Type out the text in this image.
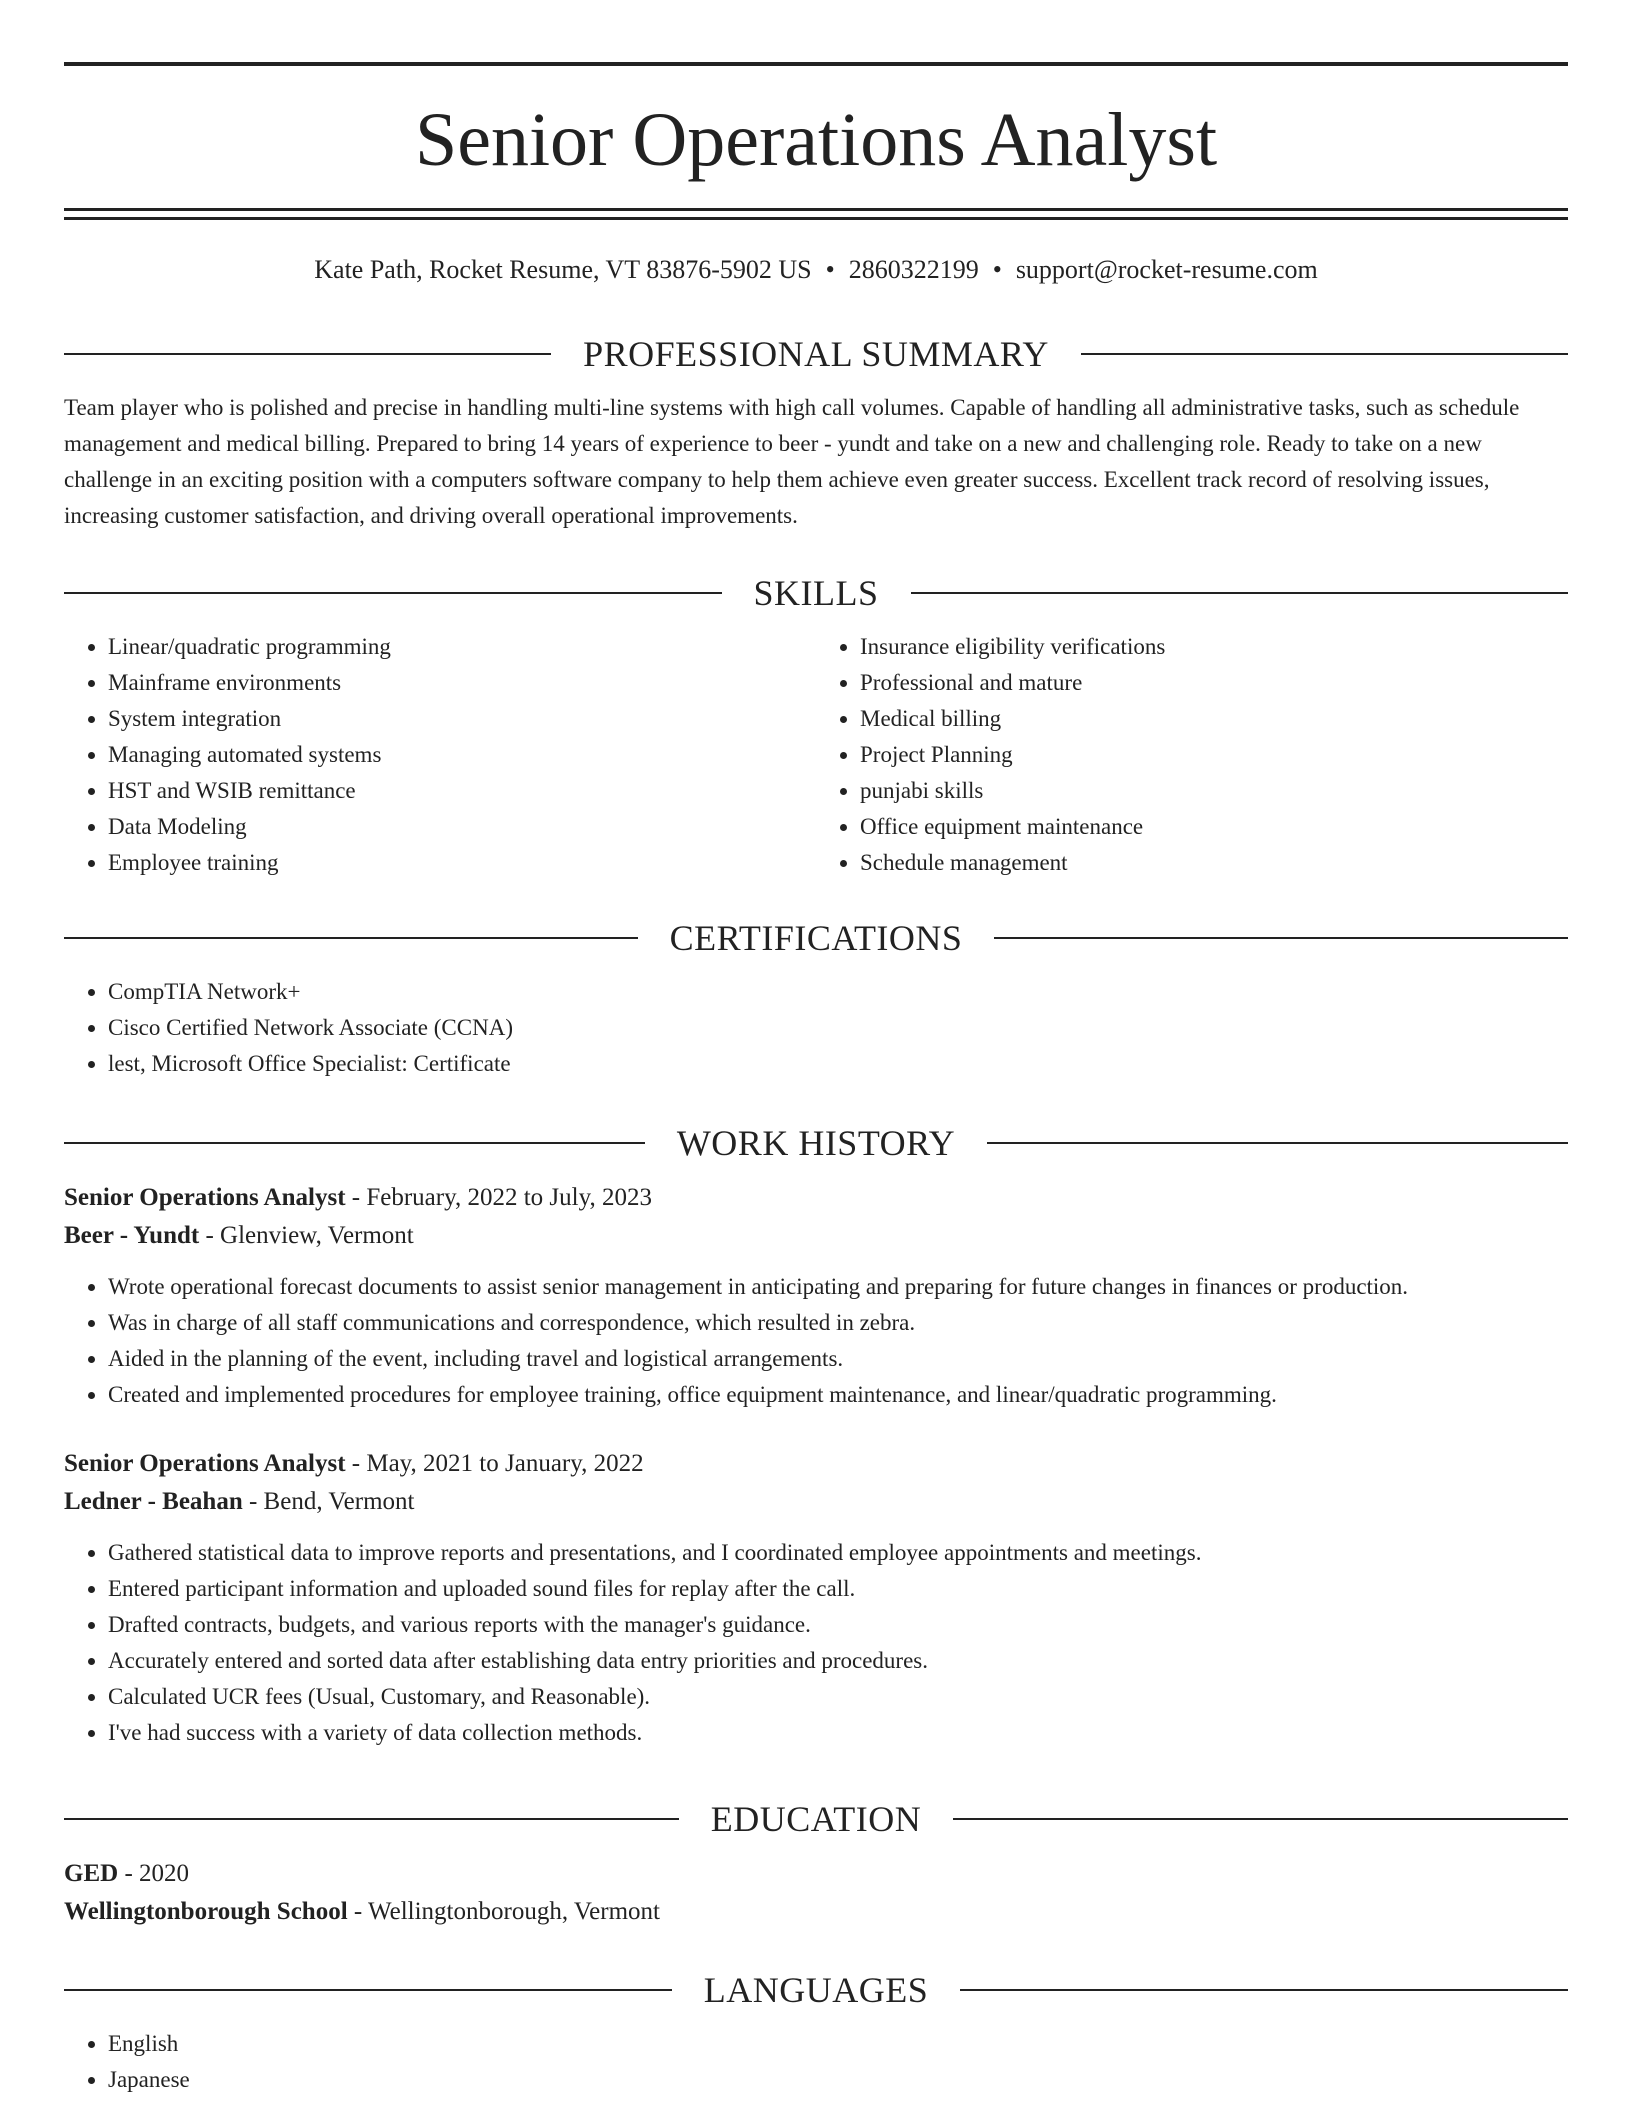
Senior Operations Analyst
Kate Path, Rocket Resume, VT 83876-5902 US • 2860322199 • support@rocket-resume.com
PROFESSIONAL SUMMARY

Team player who is polished and precise in handling multi-line systems with high call volumes. Capable of handling all administrative tasks, such as schedule management and medical billing. Prepared to bring 14 years of experience to beer - yundt and take on a new and challenging role. Ready to take on a new challenge in an exciting position with a computers software company to help them achieve even greater success. Excellent track record of resolving issues, increasing customer satisfaction, and driving overall operational improvements.

SKILLS
• Linear/quadratic programming
• Mainframe environments
• System integration
• Managing automated systems
• HST and WSIB remittance
• Data Modeling
• Employee training
• Insurance eligibility verifications
• Professional and mature
• Medical billing
• Project Planning
• punjabi skills
• Office equipment maintenance
• Schedule management
CERTIFICATIONS
• CompTIA Network+
• Cisco Certified Network Associate (CCNA)
• lest, Microsoft Office Specialist: Certificate
WORK HISTORY

Senior Operations Analyst - February, 2022 to July, 2023

Beer - Yundt - Glenview, Vermont

• Wrote operational forecast documents to assist senior management in anticipating and preparing for future changes in finances or production.
• Was in charge of all staff communications and correspondence, which resulted in zebra.
• Aided in the planning of the event, including travel and logistical arrangements.
• Created and implemented procedures for employee training, office equipment maintenance, and linear/quadratic programming.

Senior Operations Analyst - May, 2021 to January, 2022

Ledner - Beahan - Bend, Vermont

• Gathered statistical data to improve reports and presentations, and I coordinated employee appointments and meetings.
• Entered participant information and uploaded sound files for replay after the call.
• Drafted contracts, budgets, and various reports with the manager's guidance.
• Accurately entered and sorted data after establishing data entry priorities and procedures.
• Calculated UCR fees (Usual, Customary, and Reasonable).
• I've had success with a variety of data collection methods.
EDUCATION

GED - 2020

Wellingtonborough School - Wellingtonborough, Vermont

LANGUAGES
• English
• Japanese
